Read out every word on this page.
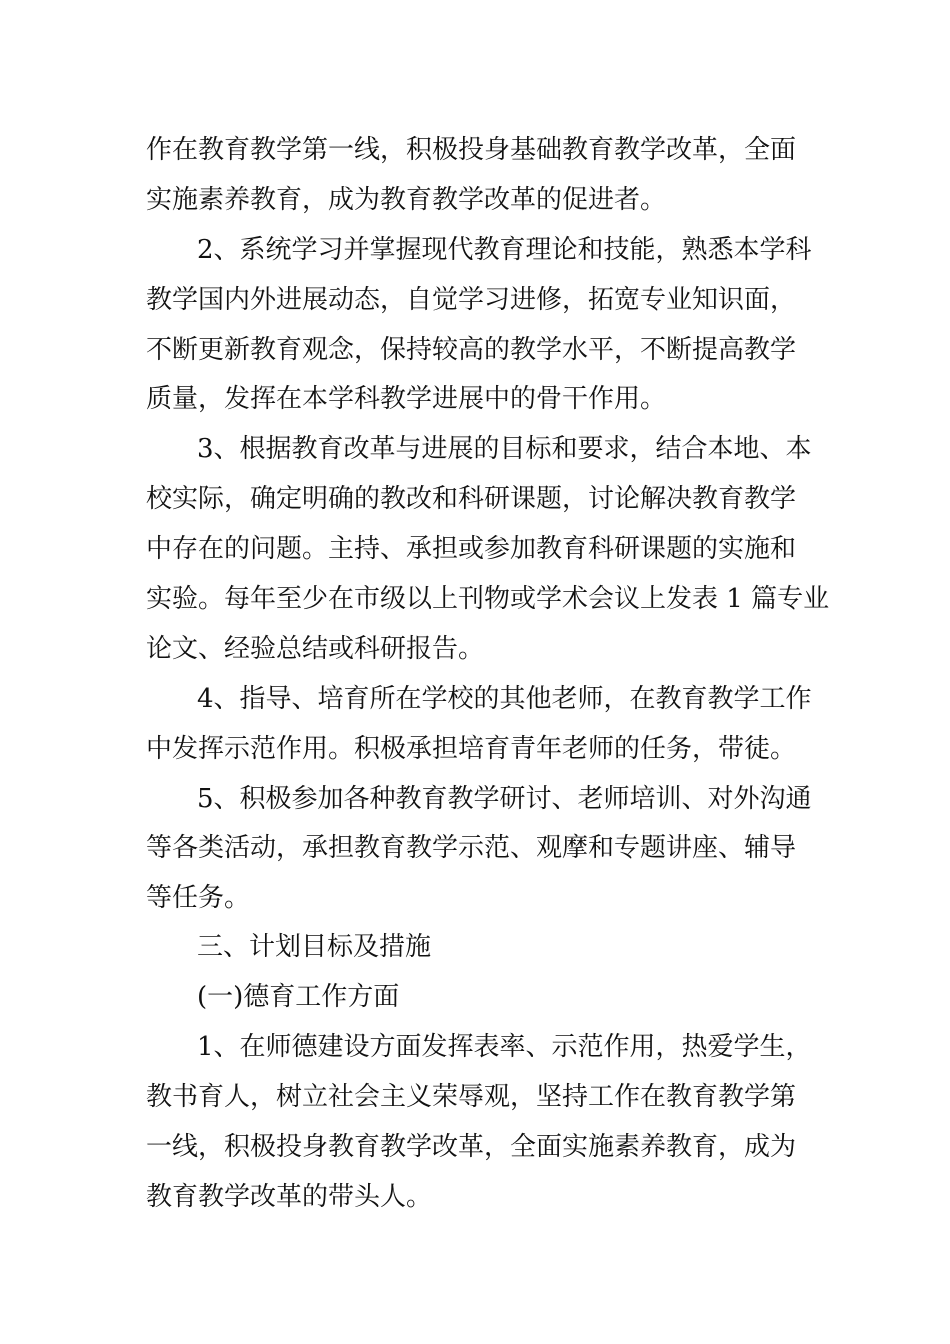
作在教育教学第一线，积极投身基础教育教学改革，全面

实施素养教育，成为教育教学改革的促进者。

2、系统学习并掌握现代教育理论和技能，熟悉本学科

教学国内外进展动态，自觉学习进修，拓宽专业知识面，

不断更新教育观念，保持较高的教学水平，不断提高教学

质量，发挥在本学科教学进展中的骨干作用。

3、根据教育改革与进展的目标和要求，结合本地、本

校实际，确定明确的教改和科研课题，讨论解决教育教学

中存在的问题。主持、承担或参加教育科研课题的实施和

实验。每年至少在市级以上刊物或学术会议上发表 1 篇专业

论文、经验总结或科研报告。

4、指导、培育所在学校的其他老师，在教育教学工作

中发挥示范作用。积极承担培育青年老师的任务，带徒。

5、积极参加各种教育教学研讨、老师培训、对外沟通

等各类活动，承担教育教学示范、观摩和专题讲座、辅导

等任务。

三、计划目标及措施

(一)德育工作方面

1、在师德建设方面发挥表率、示范作用，热爱学生，

教书育人，树立社会主义荣辱观，坚持工作在教育教学第

一线，积极投身教育教学改革，全面实施素养教育，成为

教育教学改革的带头人。
